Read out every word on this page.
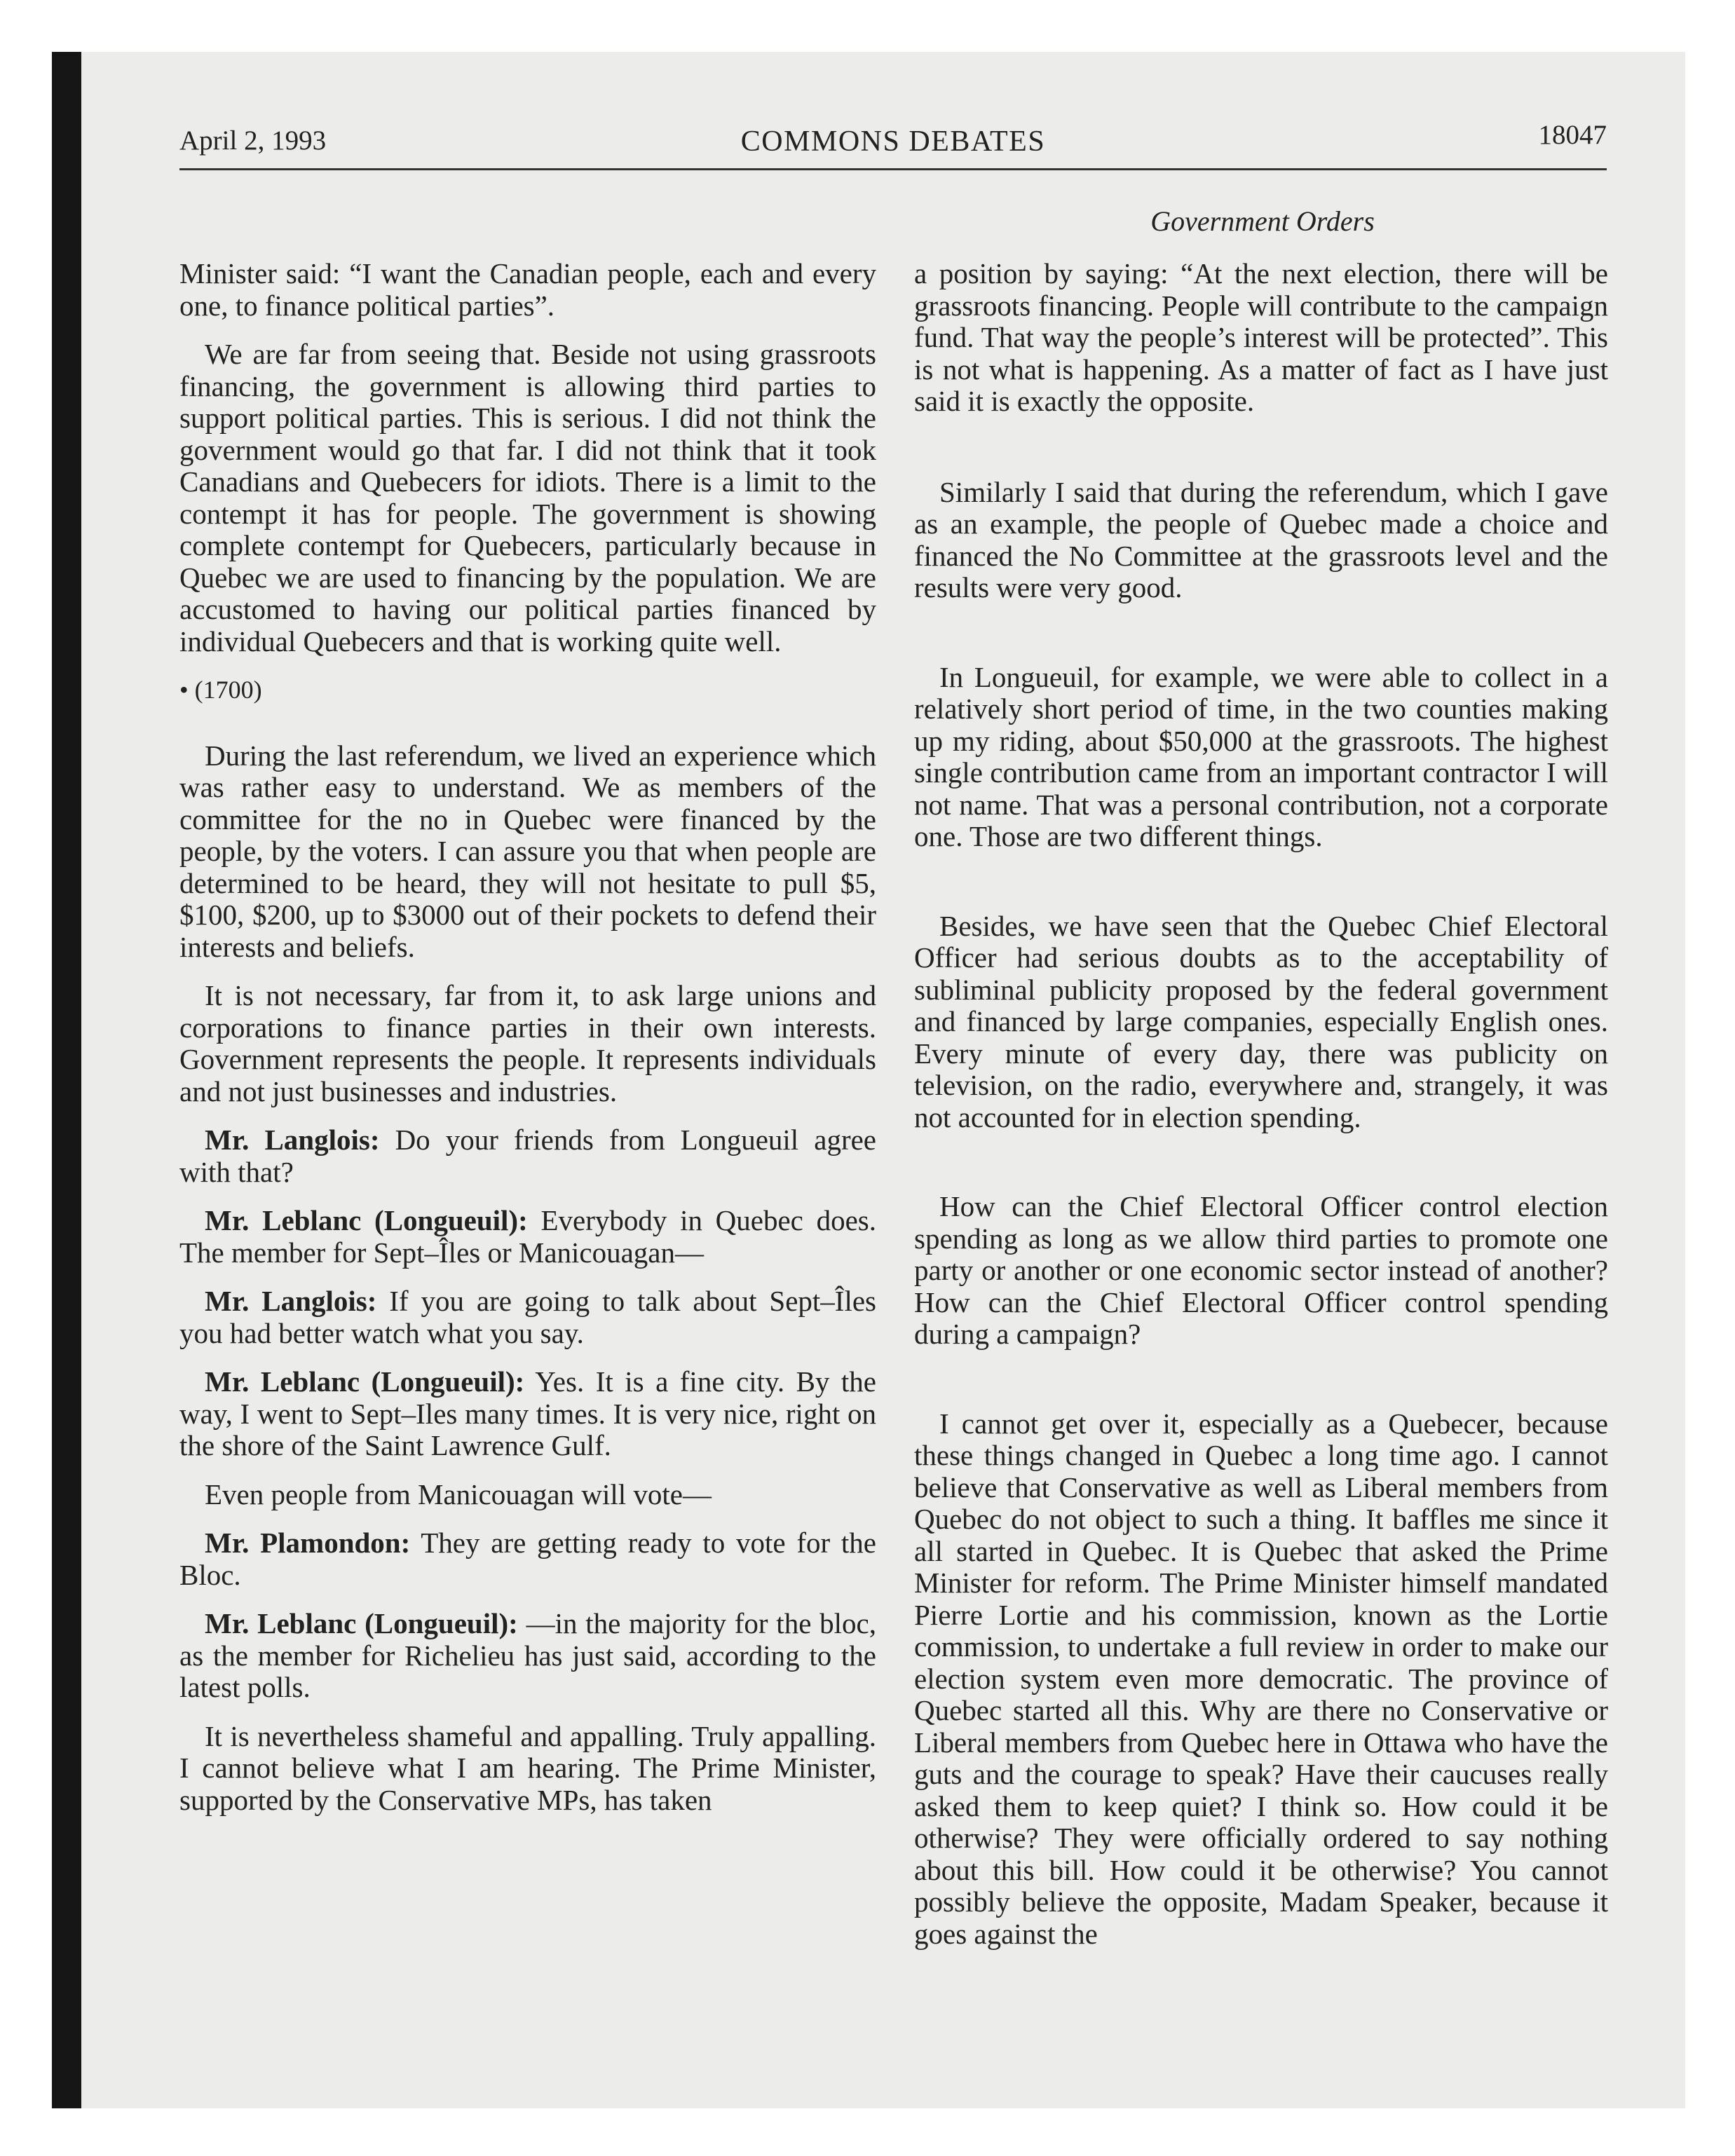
April 2, 1993	COMMONS DEBATES	18047
Government Orders

Minister said: “I want the Canadian people, each and every one, to finance political parties”.

We are far from seeing that. Beside not using grassroots financing, the government is allowing third parties to support political parties. This is serious. I did not think the government would go that far. I did not think that it took Canadians and Quebecers for idiots. There is a limit to the contempt it has for people. The government is showing complete contempt for Quebecers, particularly because in Quebec we are used to financing by the population. We are accustomed to having our political parties financed by individual Quebecers and that is working quite well.

• (1700)

During the last referendum, we lived an experience which was rather easy to understand. We as members of the committee for the no in Quebec were financed by the people, by the voters. I can assure you that when people are determined to be heard, they will not hesitate to pull $5, $100, $200, up to $3000 out of their pockets to defend their interests and beliefs.

It is not necessary, far from it, to ask large unions and corporations to finance parties in their own interests. Government represents the people. It represents individuals and not just businesses and industries.

Mr. Langlois: Do your friends from Longueuil agree with that?

Mr. Leblanc (Longueuil): Everybody in Quebec does. The member for Sept–Îles or Manicouagan—

Mr. Langlois: If you are going to talk about Sept–Îles you had better watch what you say.

Mr. Leblanc (Longueuil): Yes. It is a fine city. By the way, I went to Sept–Iles many times. It is very nice, right on the shore of the Saint Lawrence Gulf.

Even people from Manicouagan will vote—

Mr. Plamondon: They are getting ready to vote for the Bloc.

Mr. Leblanc (Longueuil): —in the majority for the bloc, as the member for Richelieu has just said, according to the latest polls.

It is nevertheless shameful and appalling. Truly appalling. I cannot believe what I am hearing. The Prime Minister, supported by the Conservative MPs, has taken

a position by saying: “At the next election, there will be grassroots financing. People will contribute to the campaign fund. That way the people’s interest will be protected”. This is not what is happening. As a matter of fact as I have just said it is exactly the opposite.

Similarly I said that during the referendum, which I gave as an example, the people of Quebec made a choice and financed the No Committee at the grassroots level and the results were very good.

In Longueuil, for example, we were able to collect in a relatively short period of time, in the two counties making up my riding, about $50,000 at the grassroots. The highest single contribution came from an important contractor I will not name. That was a personal contribution, not a corporate one. Those are two different things.

Besides, we have seen that the Quebec Chief Electoral Officer had serious doubts as to the acceptability of subliminal publicity proposed by the federal government and financed by large companies, especially English ones. Every minute of every day, there was publicity on television, on the radio, everywhere and, strangely, it was not accounted for in election spending.

How can the Chief Electoral Officer control election spending as long as we allow third parties to promote one party or another or one economic sector instead of another? How can the Chief Electoral Officer control spending during a campaign?

I cannot get over it, especially as a Quebecer, because these things changed in Quebec a long time ago. I cannot believe that Conservative as well as Liberal members from Quebec do not object to such a thing. It baffles me since it all started in Quebec. It is Quebec that asked the Prime Minister for reform. The Prime Minister himself mandated Pierre Lortie and his commission, known as the Lortie commission, to undertake a full review in order to make our election system even more democratic. The province of Quebec started all this. Why are there no Conservative or Liberal members from Quebec here in Ottawa who have the guts and the courage to speak? Have their caucuses really asked them to keep quiet? I think so. How could it be otherwise? They were officially ordered to say nothing about this bill. How could it be otherwise? You cannot possibly believe the opposite, Madam Speaker, because it goes against the
